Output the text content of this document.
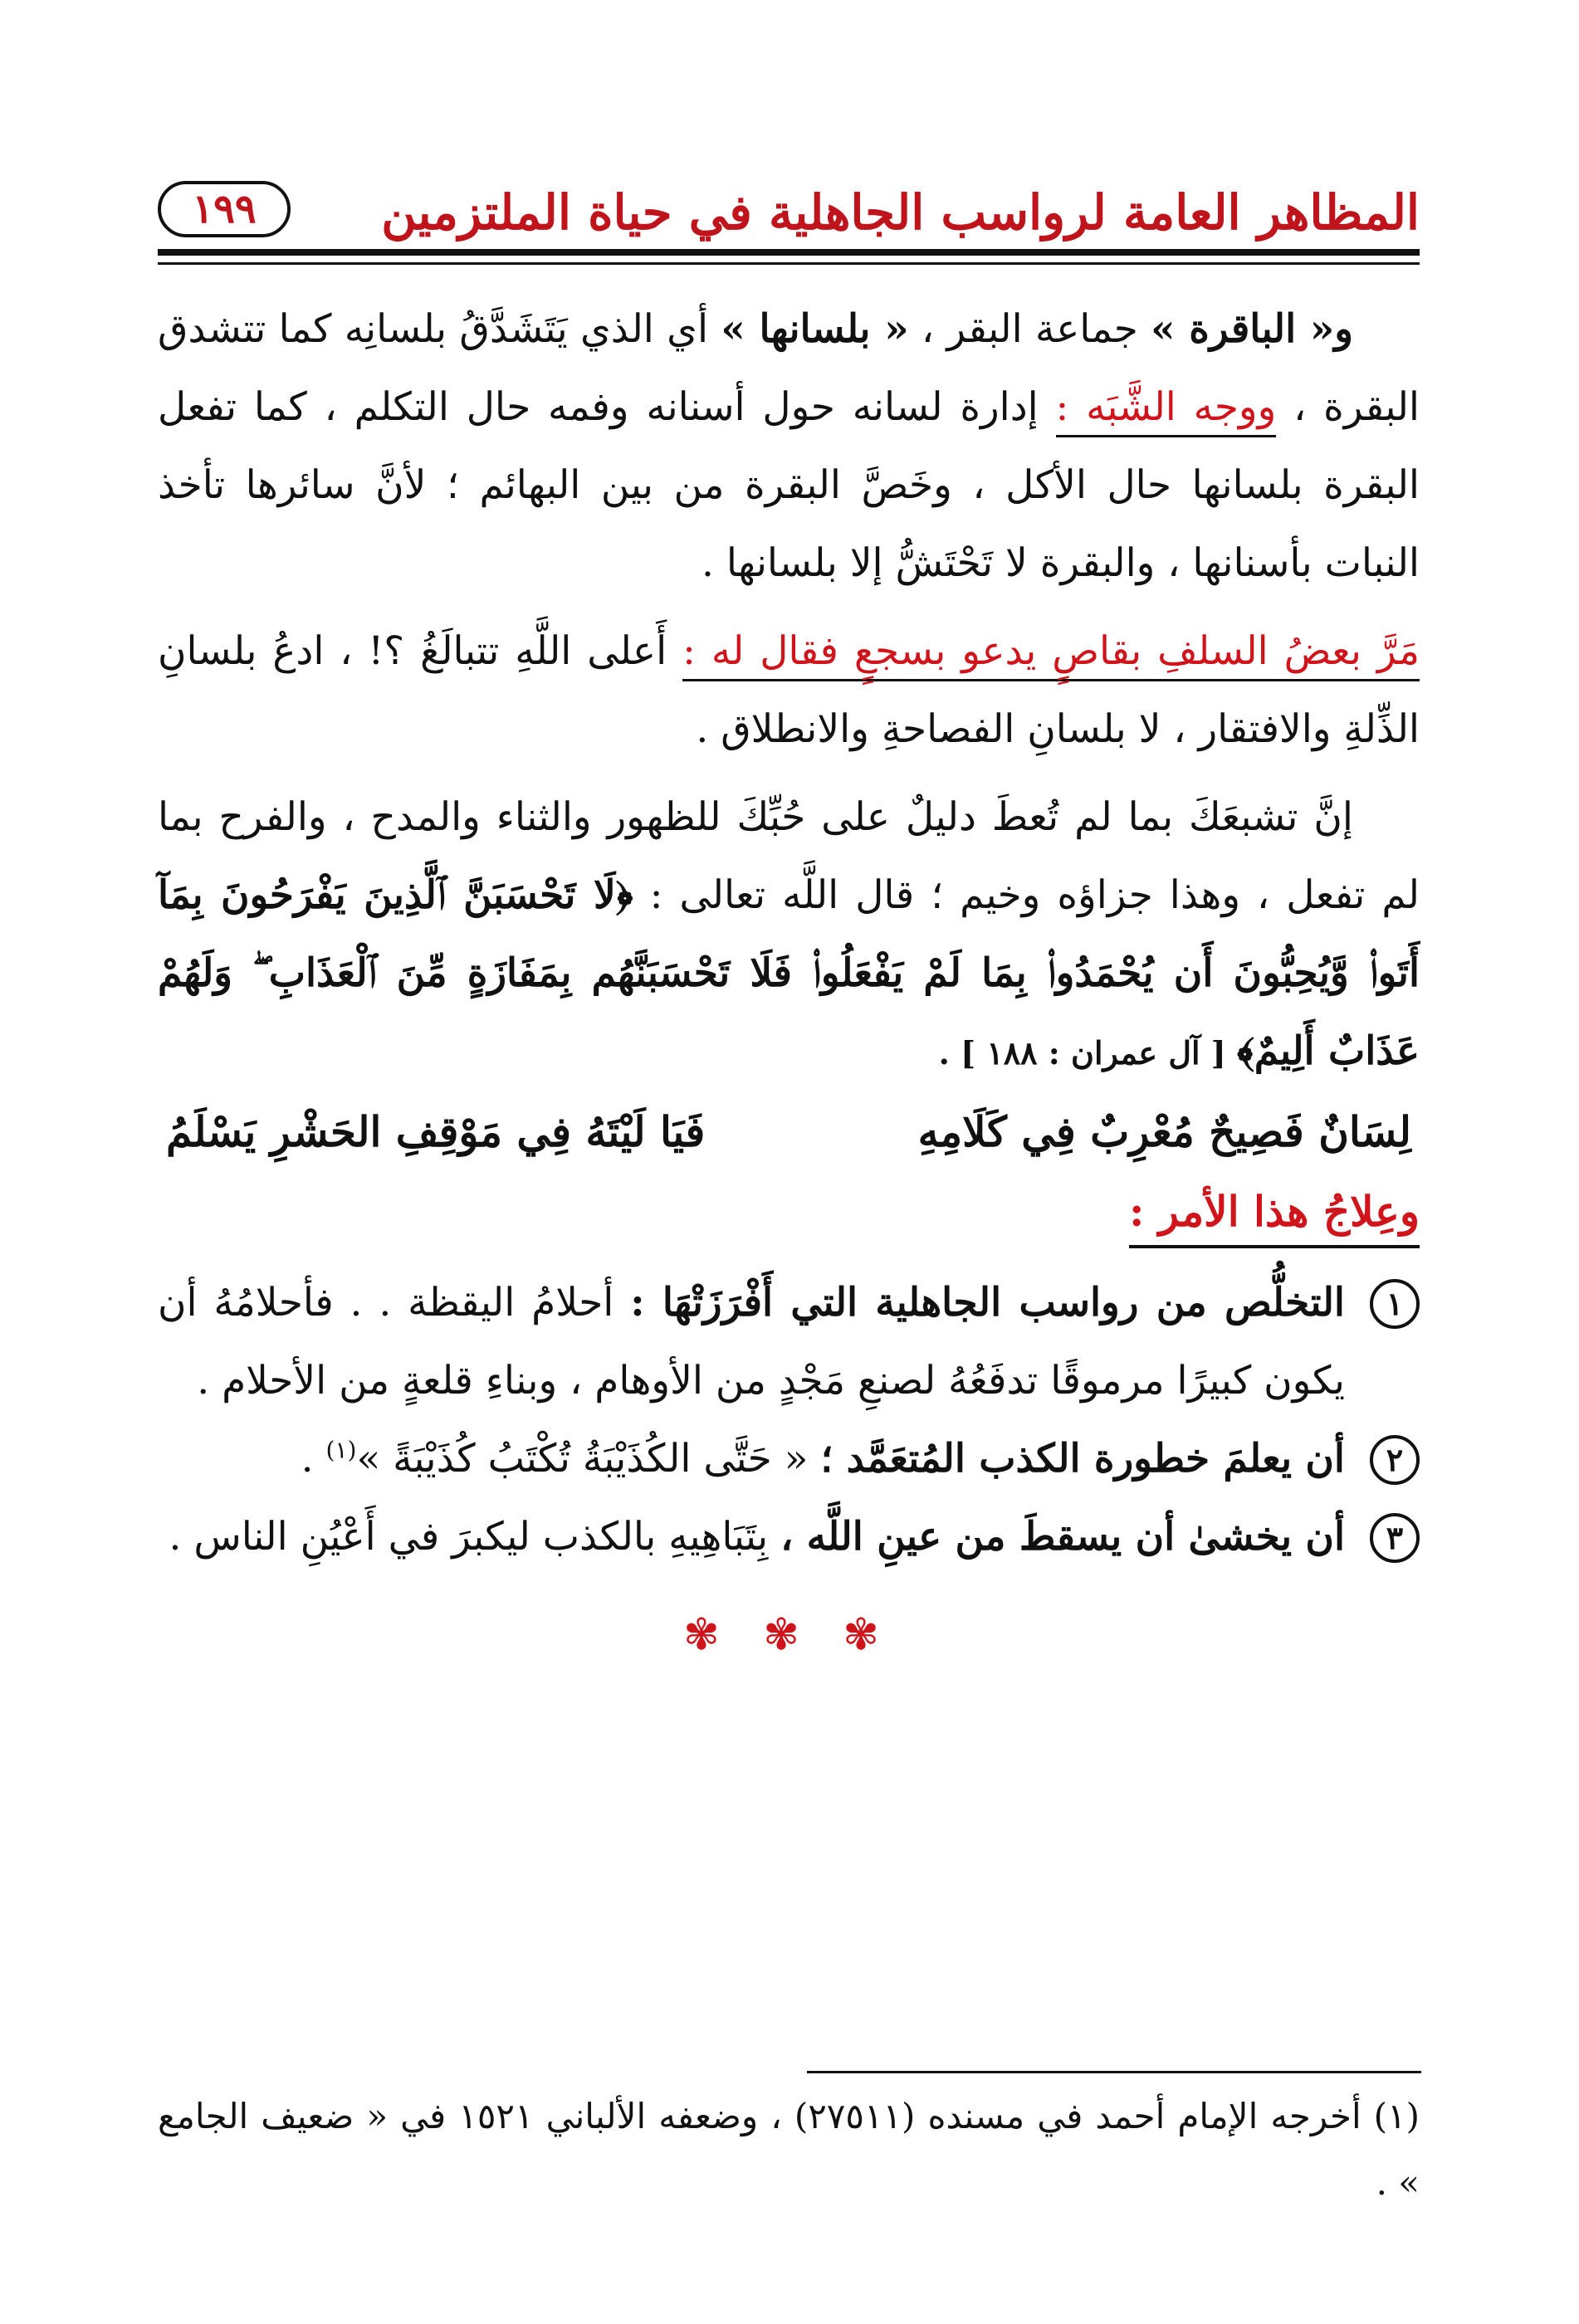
المظاهر العامة لرواسب الجاهلية في حياة الملتزمين
١٩٩

و« الباقرة » جماعة البقر ، « بلسانها » أي الذي يَتَشَدَّقُ بلسانِه كما تتشدق البقرة ، ووجه الشَّبَه : إدارة لسانه حول أسنانه وفمه حال التكلم ، كما تفعل البقرة بلسانها حال الأكل ، وخَصَّ البقرة من بين البهائم ؛ لأنَّ سائرها تأخذ النبات بأسنانها ، والبقرة لا تَحْتَشُّ إلا بلسانها .

مَرَّ بعضُ السلفِ بقاصٍ يدعو بسجعٍ فقال له : أَعلى اللَّهِ تتبالَغُ ؟! ، ادعُ بلسانِ الذِّلةِ والافتقار ، لا بلسانِ الفصاحةِ والانطلاق .

إنَّ تشبعَكَ بما لم تُعطَ دليلٌ على حُبِّكَ للظهور والثناء والمدح ، والفرح بما لم تفعل ، وهذا جزاؤه وخيم ؛ قال اللَّه تعالى : ﴿لَا تَحْسَبَنَّ ٱلَّذِينَ يَفْرَحُونَ بِمَآ أَتَوا۟ وَّيُحِبُّونَ أَن يُحْمَدُوا۟ بِمَا لَمْ يَفْعَلُوا۟ فَلَا تَحْسَبَنَّهُم بِمَفَازَةٍ مِّنَ ٱلْعَذَابِ ۖ وَلَهُمْ عَذَابٌ أَلِيمٌ﴾ [ آل عمران : ١٨٨ ] .

لِسَانٌ فَصِيحٌ مُعْرِبٌ فِي كَلَامِهِ
فَيَا لَيْتَهُ فِي مَوْقِفِ الحَشْرِ يَسْلَمُ
وعِلاجُ هذا الأمر :

١
التخلُّص من رواسب الجاهلية التي أَفْرَزَتْهَا : أحلامُ اليقظة . . فأحلامُهُ أن يكون كبيرًا مرموقًا تدفَعُهُ لصنعِ مَجْدٍ من الأوهام ، وبناءِ قلعةٍ من الأحلام .

٢
أن يعلمَ خطورة الكذب المُتعَمَّد ؛ « حَتَّى الكُذَيْبَةُ تُكْتَبُ كُذَيْبَةً »$^{(١)}$ .

٣
أن يخشىٰ أن يسقطَ من عينِ اللَّه ، بِتَبَاهِيهِ بالكذب ليكبرَ في أَعْيُنِ الناس .

✾ ✾ ✾
(١) أخرجه الإمام أحمد في مسنده (٢٧٥١١) ، وضعفه الألباني ١٥٢١ في « ضعيف الجامع » .
